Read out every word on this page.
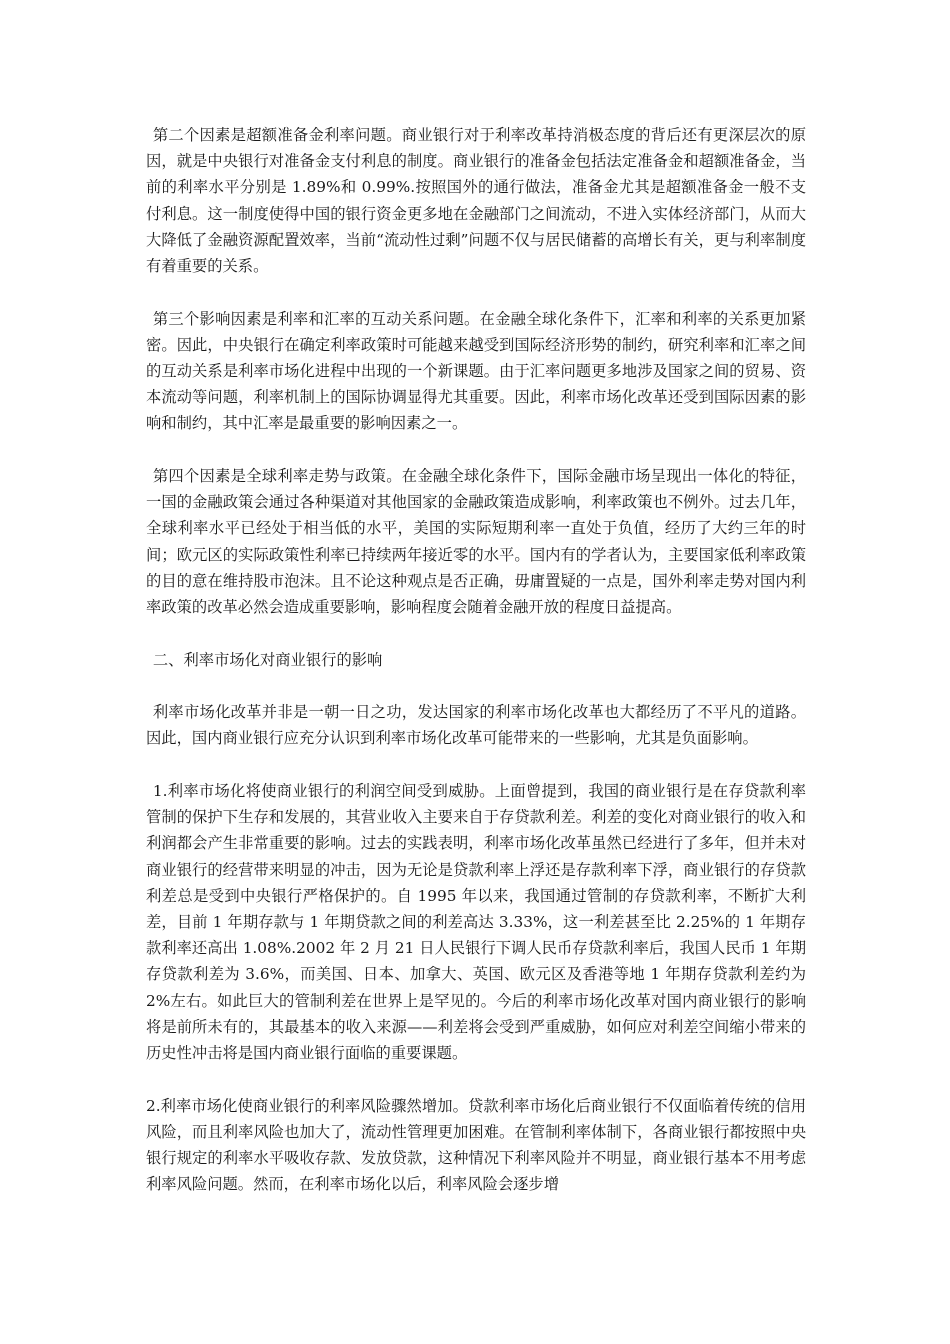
第二个因素是超额准备金利率问题。商业银行对于利率改革持消极态度的背后还有更深层次的原因，就是中央银行对准备金支付利息的制度。商业银行的准备金包括法定准备金和超额准备金，当前的利率水平分别是 1.89%和 0.99%.按照国外的通行做法，准备金尤其是超额准备金一般不支付利息。这一制度使得中国的银行资金更多地在金融部门之间流动，不进入实体经济部门，从而大大降低了金融资源配置效率，当前“流动性过剩”问题不仅与居民储蓄的高增长有关，更与利率制度有着重要的关系。

第三个影响因素是利率和汇率的互动关系问题。在金融全球化条件下，汇率和利率的关系更加紧密。因此，中央银行在确定利率政策时可能越来越受到国际经济形势的制约，研究利率和汇率之间的互动关系是利率市场化进程中出现的一个新课题。由于汇率问题更多地涉及国家之间的贸易、资本流动等问题，利率机制上的国际协调显得尤其重要。因此，利率市场化改革还受到国际因素的影响和制约，其中汇率是最重要的影响因素之一。

第四个因素是全球利率走势与政策。在金融全球化条件下，国际金融市场呈现出一体化的特征，一国的金融政策会通过各种渠道对其他国家的金融政策造成影响，利率政策也不例外。过去几年，全球利率水平已经处于相当低的水平，美国的实际短期利率一直处于负值，经历了大约三年的时间；欧元区的实际政策性利率已持续两年接近零的水平。国内有的学者认为，主要国家低利率政策的目的意在维持股市泡沫。且不论这种观点是否正确，毋庸置疑的一点是，国外利率走势对国内利率政策的改革必然会造成重要影响，影响程度会随着金融开放的程度日益提高。

二、利率市场化对商业银行的影响

利率市场化改革并非是一朝一日之功，发达国家的利率市场化改革也大都经历了不平凡的道路。因此，国内商业银行应充分认识到利率市场化改革可能带来的一些影响，尤其是负面影响。

1.利率市场化将使商业银行的利润空间受到威胁。上面曾提到，我国的商业银行是在存贷款利率管制的保护下生存和发展的，其营业收入主要来自于存贷款利差。利差的变化对商业银行的收入和利润都会产生非常重要的影响。过去的实践表明，利率市场化改革虽然已经进行了多年，但并未对商业银行的经营带来明显的冲击，因为无论是贷款利率上浮还是存款利率下浮，商业银行的存贷款利差总是受到中央银行严格保护的。自 1995 年以来，我国通过管制的存贷款利率，不断扩大利差，目前 1 年期存款与 1 年期贷款之间的利差高达 3.33%，这一利差甚至比 2.25%的 1 年期存款利率还高出 1.08%.2002 年 2 月 21 日人民银行下调人民币存贷款利率后，我国人民币 1 年期存贷款利差为 3.6%，而美国、日本、加拿大、英国、欧元区及香港等地 1 年期存贷款利差约为 2%左右。如此巨大的管制利差在世界上是罕见的。今后的利率市场化改革对国内商业银行的影响将是前所未有的，其最基本的收入来源——利差将会受到严重威胁，如何应对利差空间缩小带来的历史性冲击将是国内商业银行面临的重要课题。

2.利率市场化使商业银行的利率风险骤然增加。贷款利率市场化后商业银行不仅面临着传统的信用风险，而且利率风险也加大了，流动性管理更加困难。在管制利率体制下，各商业银行都按照中央银行规定的利率水平吸收存款、发放贷款，这种情况下利率风险并不明显，商业银行基本不用考虑利率风险问题。然而，在利率市场化以后，利率风险会逐步增
